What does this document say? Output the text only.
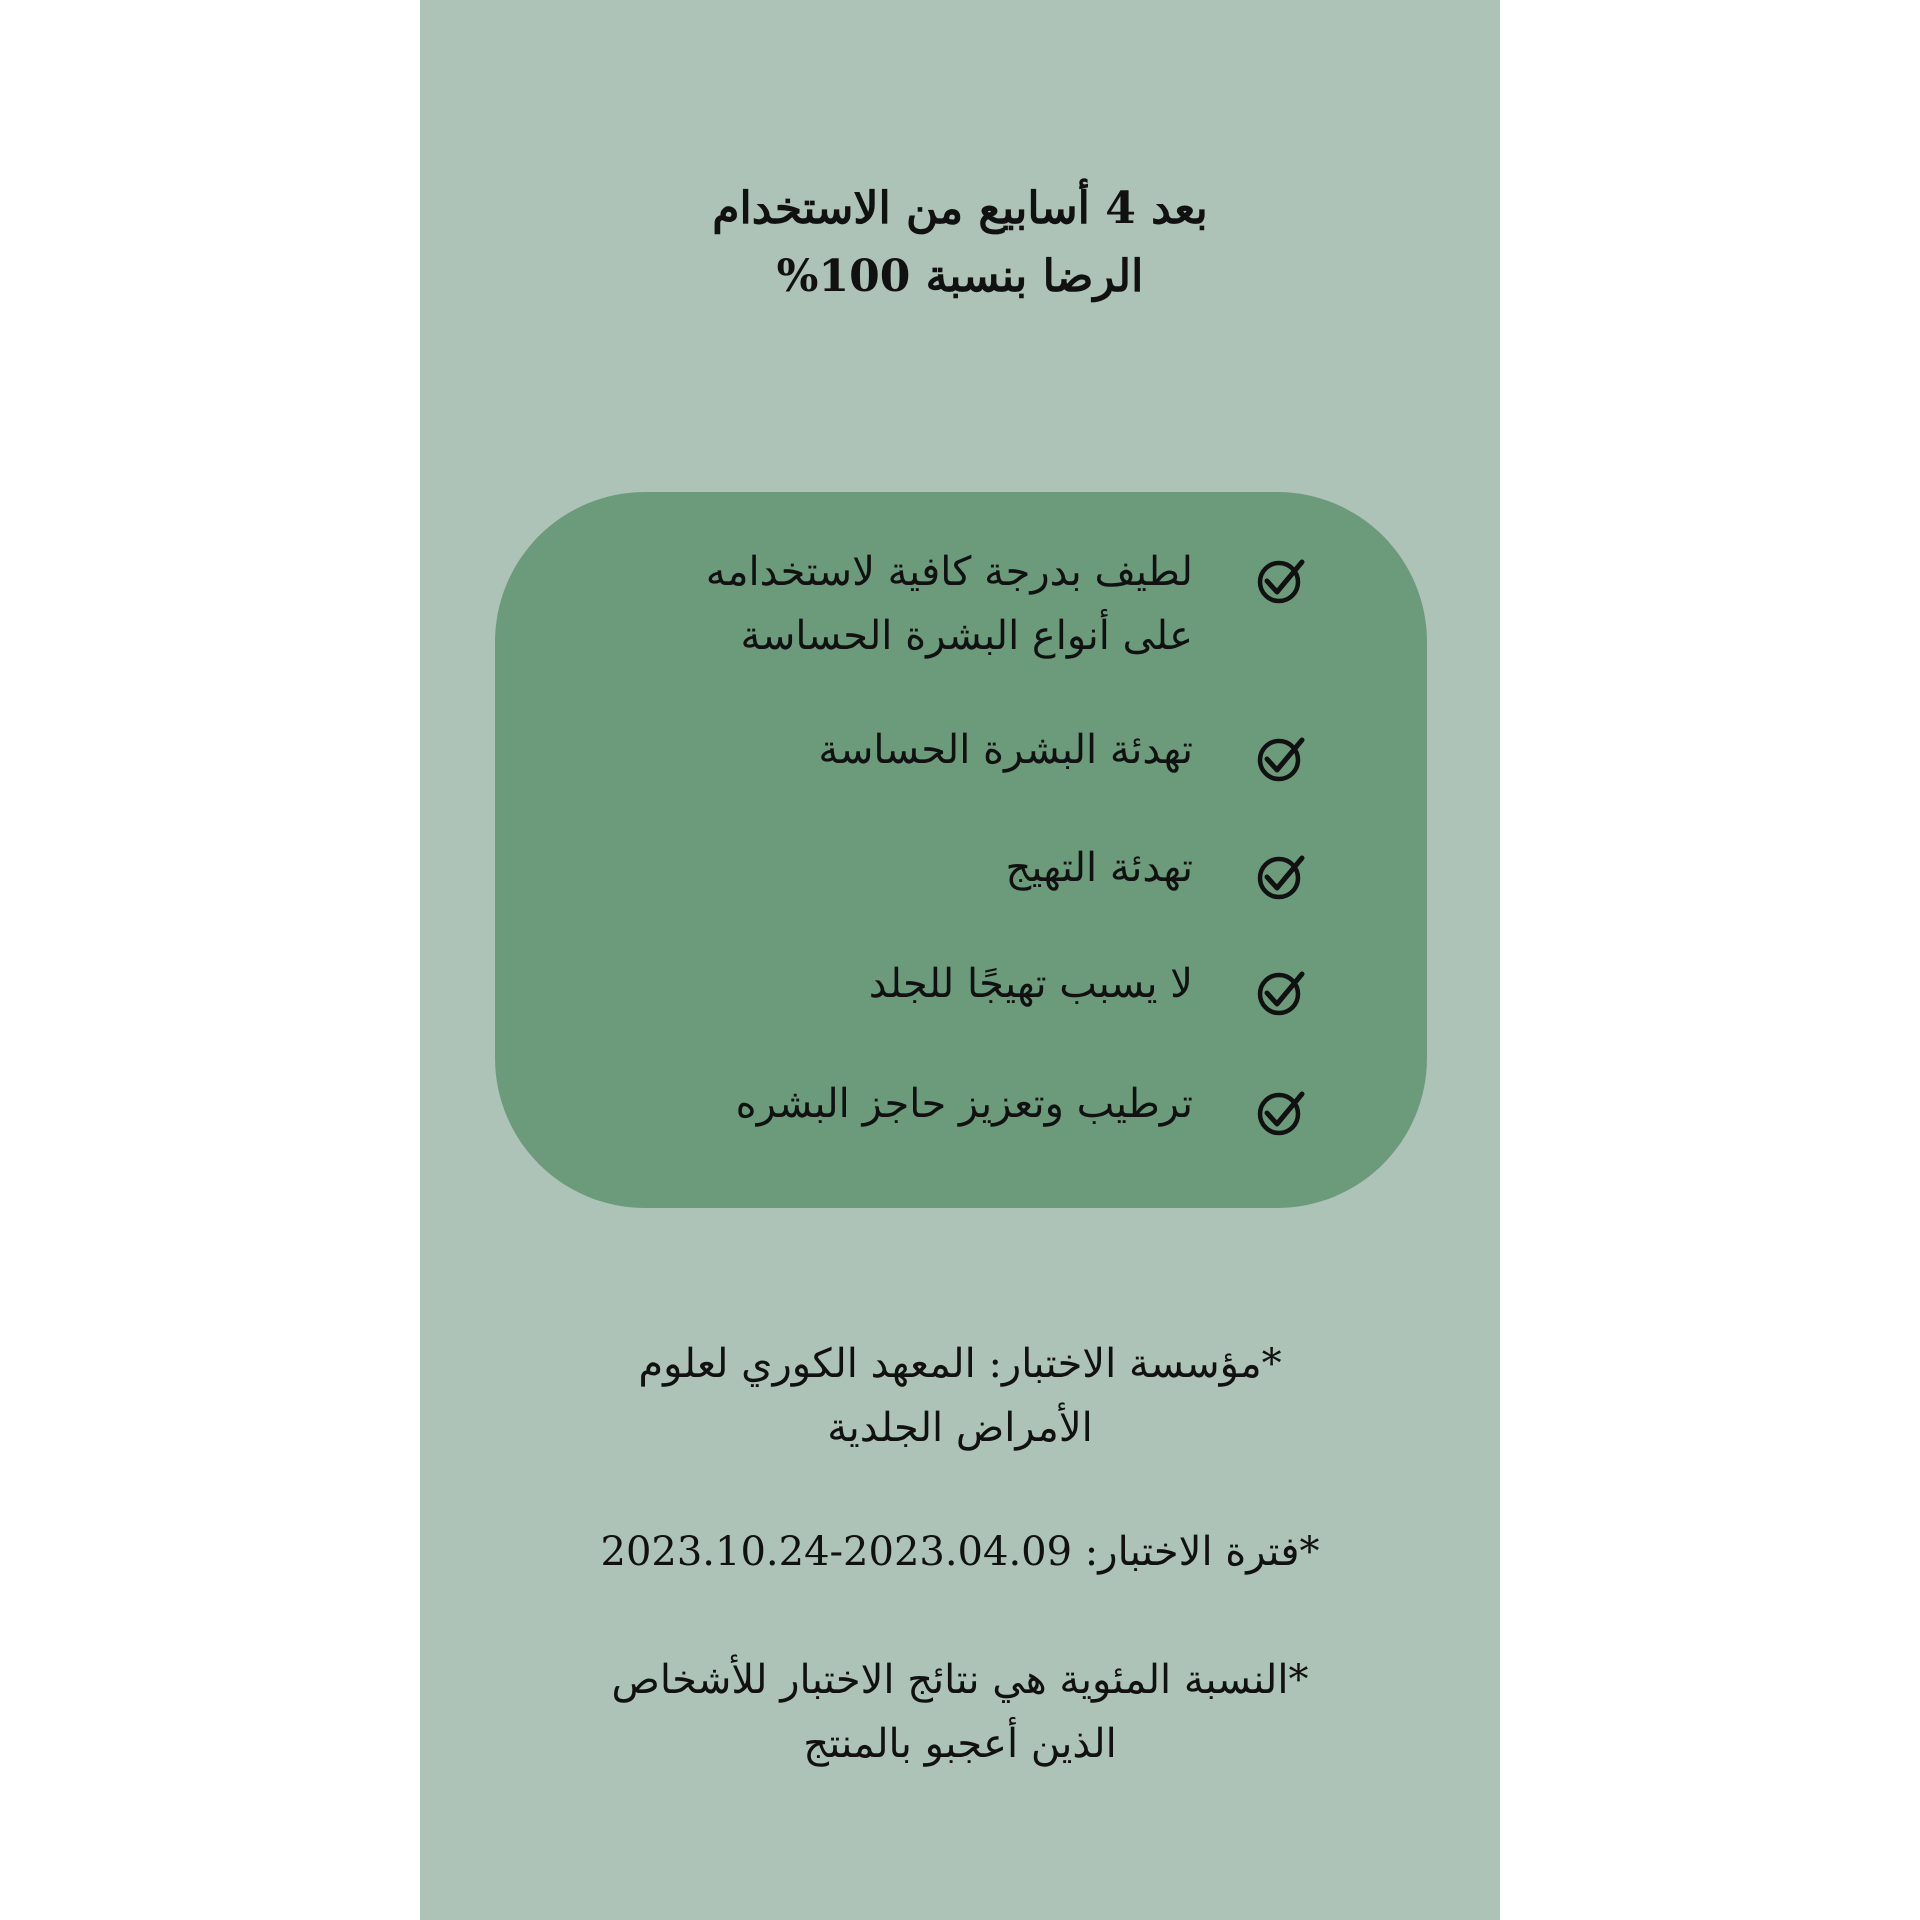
بعد 4 أسابيع من الاستخدام
الرضا بنسبة 100%
لطيف بدرجة كافية لاستخدامه على أنواع البشرة الحساسة
تهدئة البشرة الحساسة
تهدئة التهيج
لا يسبب تهيجًا للجلد
ترطيب وتعزيز حاجز البشره
*مؤسسة الاختبار: المعهد الكوري لعلوم
الأمراض الجلدية
*فترة الاختبار: 2023.04.09-2023.10.24
*النسبة المئوية هي نتائج الاختبار للأشخاص
الذين أعجبو بالمنتج
